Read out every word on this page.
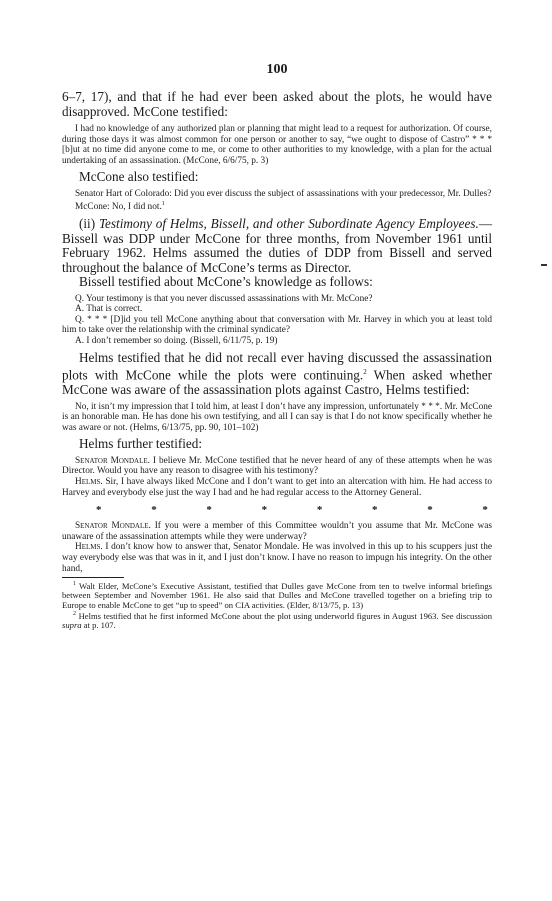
100

6–7, 17), and that if he had ever been asked about the plots, he would have disapproved. McCone testified:

I had no knowledge of any authorized plan or planning that might lead to a request for authorization. Of course, during those days it was almost common for one person or another to say, “we ought to dispose of Castro” * * * [b]ut at no time did anyone come to me, or come to other authorities to my knowledge, with a plan for the actual undertaking of an assassination. (McCone, 6/6/75, p. 3)

McCone also testified:

Senator Hart of Colorado: Did you ever discuss the subject of assassinations with your predecessor, Mr. Dulles?

McCone: No, I did not.$^1$

(ii) Testimony of Helms, Bissell, and other Subordinate Agency Employees.—Bissell was DDP under McCone for three months, from November 1961 until February 1962. Helms assumed the duties of DDP from Bissell and served throughout the balance of McCone’s terms as Director.

Bissell testified about McCone’s knowledge as follows:

Q. Your testimony is that you never discussed assassinations with Mr. McCone?

A. That is correct.

Q. * * * [D]id you tell McCone anything about that conversation with Mr. Harvey in which you at least told him to take over the relationship with the criminal syndicate?

A. I don’t remember so doing. (Bissell, 6/11/75, p. 19)

Helms testified that he did not recall ever having discussed the assassination plots with McCone while the plots were continuing.$^2$ When asked whether McCone was aware of the assassination plots against Castro, Helms testified:

No, it isn’t my impression that I told him, at least I don’t have any impression, unfortunately * * *. Mr. McCone is an honorable man. He has done his own testifying, and all I can say is that I do not know specifically whether he was aware or not. (Helms, 6/13/75, pp. 90, 101–102)

Helms further testified:

Senator Mondale. I believe Mr. McCone testified that he never heard of any of these attempts when he was Director. Would you have any reason to disagree with his testimony?

Helms. Sir, I have always liked McCone and I don’t want to get into an altercation with him. He had access to Harvey and everybody else just the way I had and he had regular access to the Attorney General.

*	*	*	*	*	*	*	*

Senator Mondale. If you were a member of this Committee wouldn’t you assume that Mr. McCone was unaware of the assassination attempts while they were underway?

Helms. I don’t know how to answer that, Senator Mondale. He was involved in this up to his scuppers just the way everybody else was that was in it, and I just don’t know. I have no reason to impugn his integrity. On the other hand,

$^1$ Walt Elder, McCone’s Executive Assistant, testified that Dulles gave McCone from ten to twelve informal briefings between September and November 1961. He also said that Dulles and McCone travelled together on a briefing trip to Europe to enable McCone to get “up to speed” on CIA activities. (Elder, 8/13/75, p. 13)

$^2$ Helms testified that he first informed McCone about the plot using underworld figures in August 1963. See discussion supra at p. 107.
